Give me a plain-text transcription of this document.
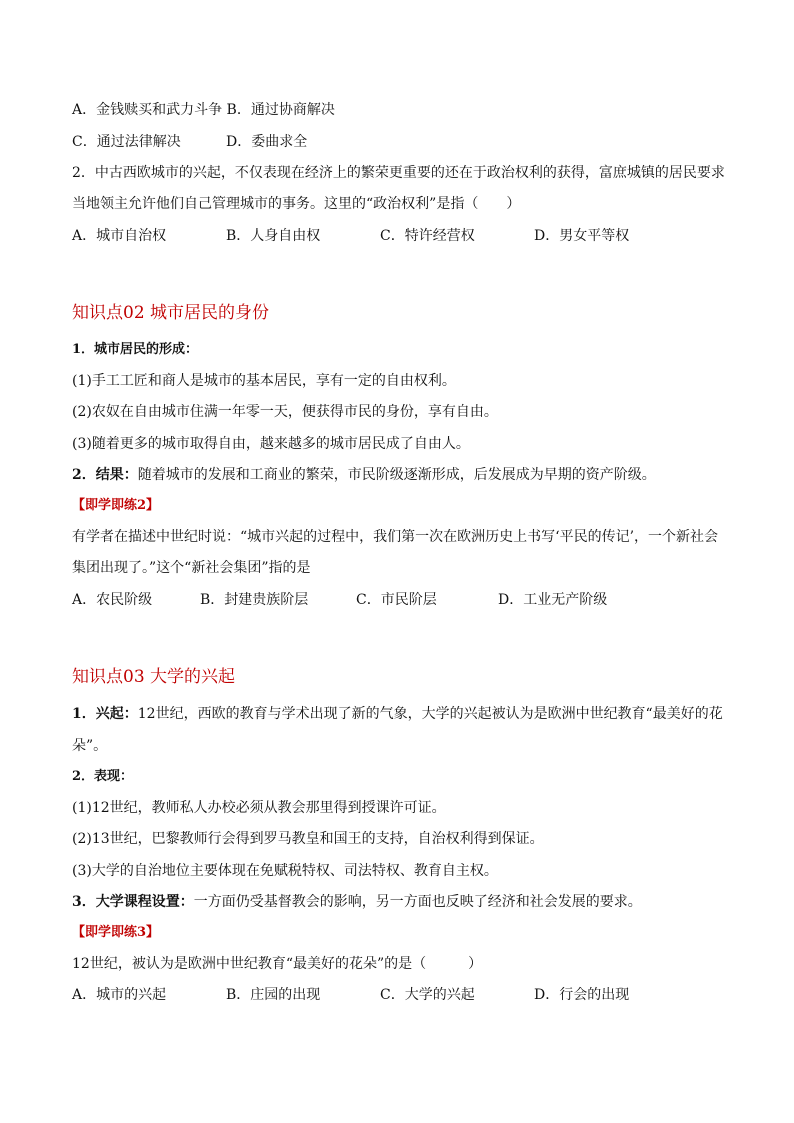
A．金钱赎买和武力斗争 B．通过协商解决
C．通过法律解决	D．委曲求全
2．中古西欧城市的兴起，不仅表现在经济上的繁荣更重要的还在于政治权利的获得，富庶城镇的居民要求
当地领主允许他们自己管理城市的事务。这里的“政治权利”是指（　　）
A．城市自治权	B．人身自由权	C．特许经营权	D．男女平等权
知识点02 城市居民的身份
1．城市居民的形成：
(1)手工工匠和商人是城市的基本居民，享有一定的自由权利。
(2)农奴在自由城市住满一年零一天，便获得市民的身份，享有自由。
(3)随着更多的城市取得自由，越来越多的城市居民成了自由人。
2．结果：随着城市的发展和工商业的繁荣，市民阶级逐渐形成，后发展成为早期的资产阶级。
【即学即练2】
有学者在描述中世纪时说：“城市兴起的过程中，我们第一次在欧洲历史上书写‘平民的传记’，一个新社会
集团出现了。”这个“新社会集团”指的是
A．农民阶级	B．封建贵族阶层	C．市民阶层	D．工业无产阶级
知识点03 大学的兴起
1．兴起：12世纪，西欧的教育与学术出现了新的气象，大学的兴起被认为是欧洲中世纪教育“最美好的花
朵”。
2．表现：
(1)12世纪，教师私人办校必须从教会那里得到授课许可证。
(2)13世纪，巴黎教师行会得到罗马教皇和国王的支持，自治权利得到保证。
(3)大学的自治地位主要体现在免赋税特权、司法特权、教育自主权。
3．大学课程设置：一方面仍受基督教会的影响，另一方面也反映了经济和社会发展的要求。
【即学即练3】
12世纪，被认为是欧洲中世纪教育“最美好的花朵”的是（　　　）
A．城市的兴起	B．庄园的出现	C．大学的兴起	D．行会的出现
